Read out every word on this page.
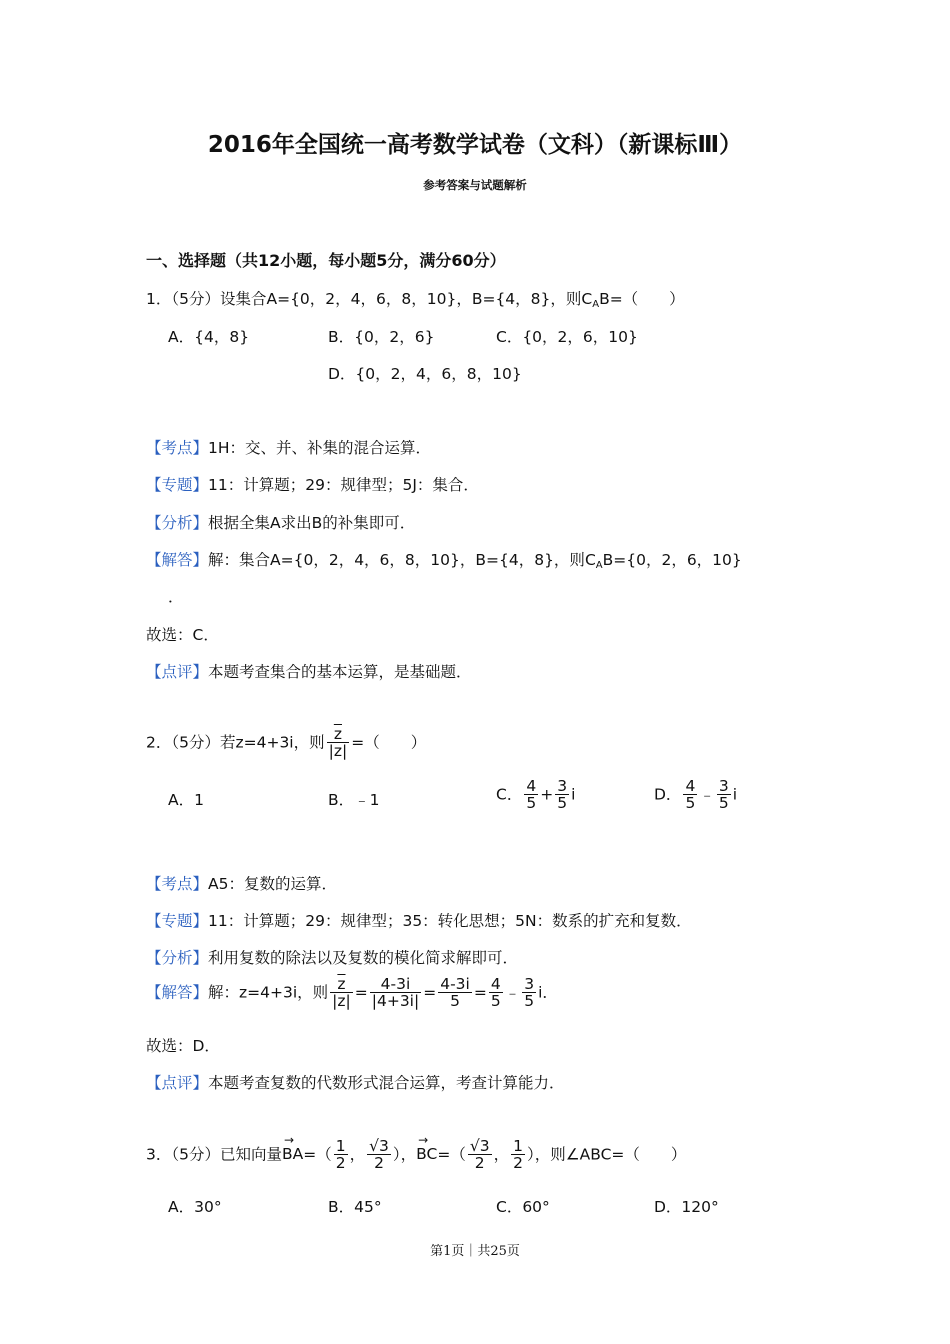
2016年全国统一高考数学试卷（文科）（新课标Ⅲ）
参考答案与试题解析
一、选择题（共12小题，每小题5分，满分60分）
1．（5分）设集合A={0，2，4，6，8，10}，B={4，8}，则$C_AB=$（　　）
A．{4，8}	B．{0，2，6}	C．{0，2，6，10}
D．{0，2，4，6，8，10}
【考点】1H：交、并、补集的混合运算．
【专题】11：计算题；29：规律型；5J：集合．
【分析】根据全集A求出B的补集即可．
【解答】解：集合A={0，2，4，6，8，10}，B={4，8}，则$C_AB=\{0$，2，6，10}
．
故选：C．
【点评】本题考查集合的基本运算，是基础题．
2．（5分）若z=4+3i，则 $\frac{\overline{z}}{|z|}$ =（　　）
A．1	B．﹣1	C． $\frac{4}{5} + \frac{3}{5}$ i	D． $\frac{4}{5}$ ﹣ $\frac{3}{5}$ i
【考点】A5：复数的运算．
【专题】11：计算题；29：规律型；35：转化思想；5N：数系的扩充和复数．
【分析】利用复数的除法以及复数的模化简求解即可．
【解答】解：z=4+3i，则 $\frac{\overline{z}}{|z|} = \frac{4-3i}{|4+3i|} = \frac{4-3i}{5} = \frac{4}{5}$ ﹣ $\frac{3}{5}$ i．
故选：D．
【点评】本题考查复数的代数形式混合运算，考查计算能力．
3．（5分）已知向量→ $BA=( \frac{1}{2}$ ， $\frac{√3}{2}$ ），→ $BC=( \frac{√3}{2}$ ， $\frac{1}{2}$ ），则∠ABC=（　　）
A．30°	B．45°	C．60°	D．120°
第1页｜共25页
